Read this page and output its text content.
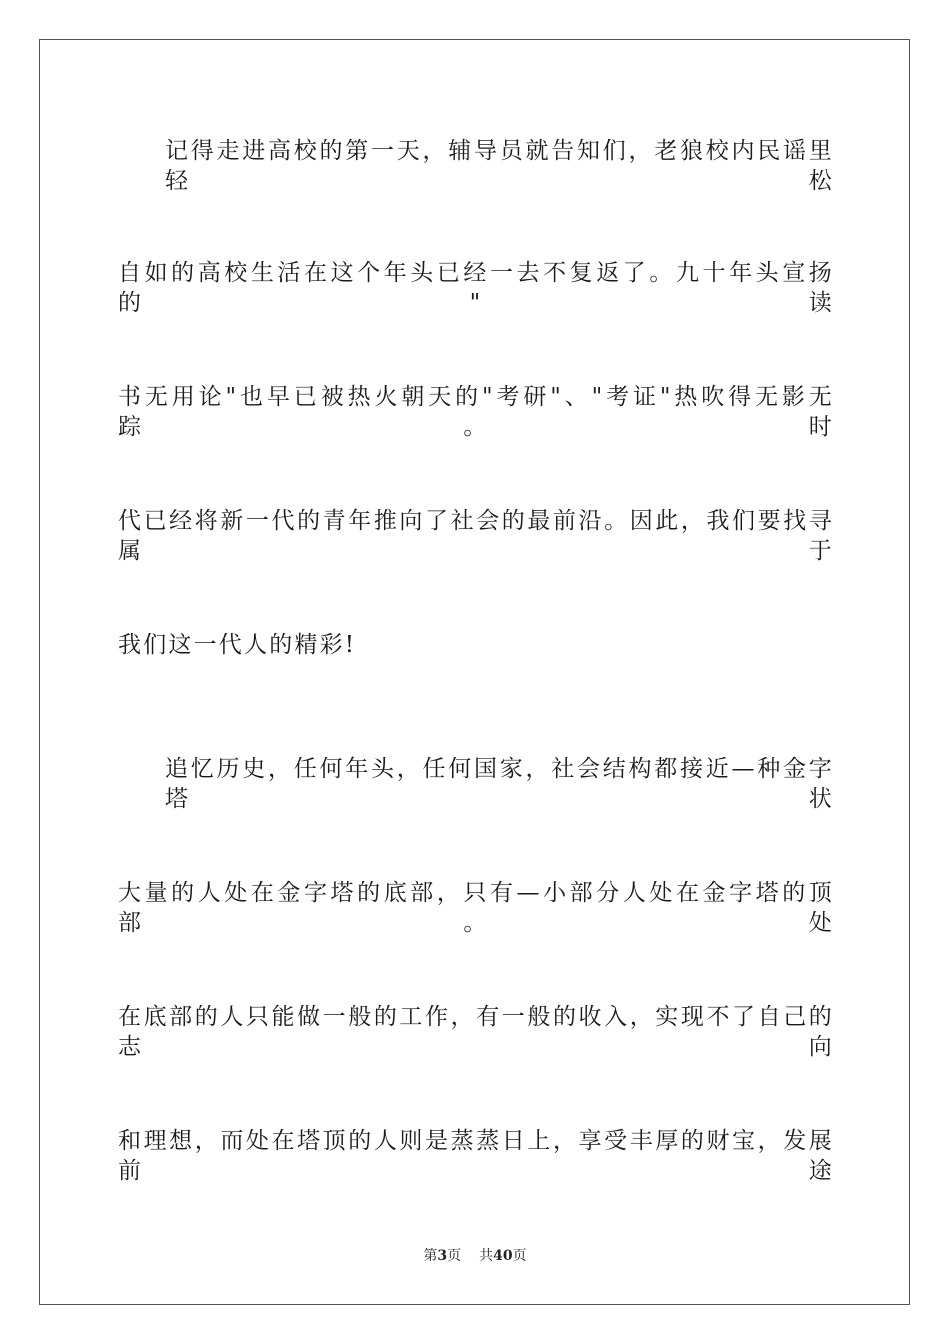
记得走进高校的第一天，辅导员就告知们，老狼校内民谣里轻松
自如的高校生活在这个年头已经一去不复返了。九十年头宣扬的"读
书无用论"也早已被热火朝天的"考研"、"考证"热吹得无影无踪。时
代已经将新一代的青年推向了社会的最前沿。因此，我们要找寻属于
我们这一代人的精彩!
追忆历史，任何年头，任何国家，社会结构都接近—种金字塔状
大量的人处在金字塔的底部，只有—小部分人处在金字塔的顶部。处
在底部的人只能做一般的工作，有一般的收入，实现不了自己的志向
和理想，而处在塔顶的人则是蒸蒸日上，享受丰厚的财宝，发展前途
第3页 共40页
